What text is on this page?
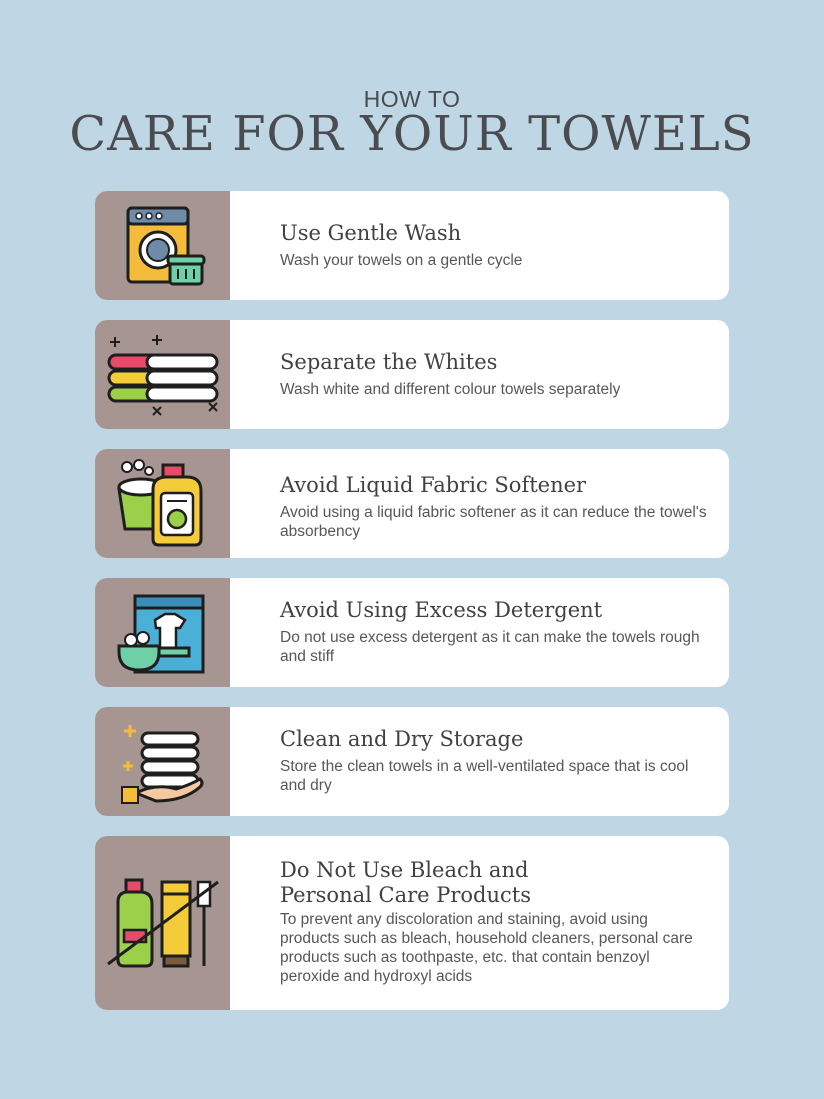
HOW TO
CARE FOR YOUR TOWELS
Use Gentle Wash
Wash your towels on a gentle cycle
Separate the Whites
Wash white and different colour towels separately
Avoid Liquid Fabric Softener
Avoid using a liquid fabric softener as it can reduce the towel's absorbency
Avoid Using Excess Detergent
Do not use excess detergent as it can make the towels rough and stiff
Clean and Dry Storage
Store the clean towels in a well-ventilated space that is cool and dry
Do Not Use Bleach and Personal Care Products
To prevent any discoloration and staining, avoid using products such as bleach, household cleaners, personal care products such as toothpaste, etc. that contain benzoyl peroxide and hydroxyl acids
